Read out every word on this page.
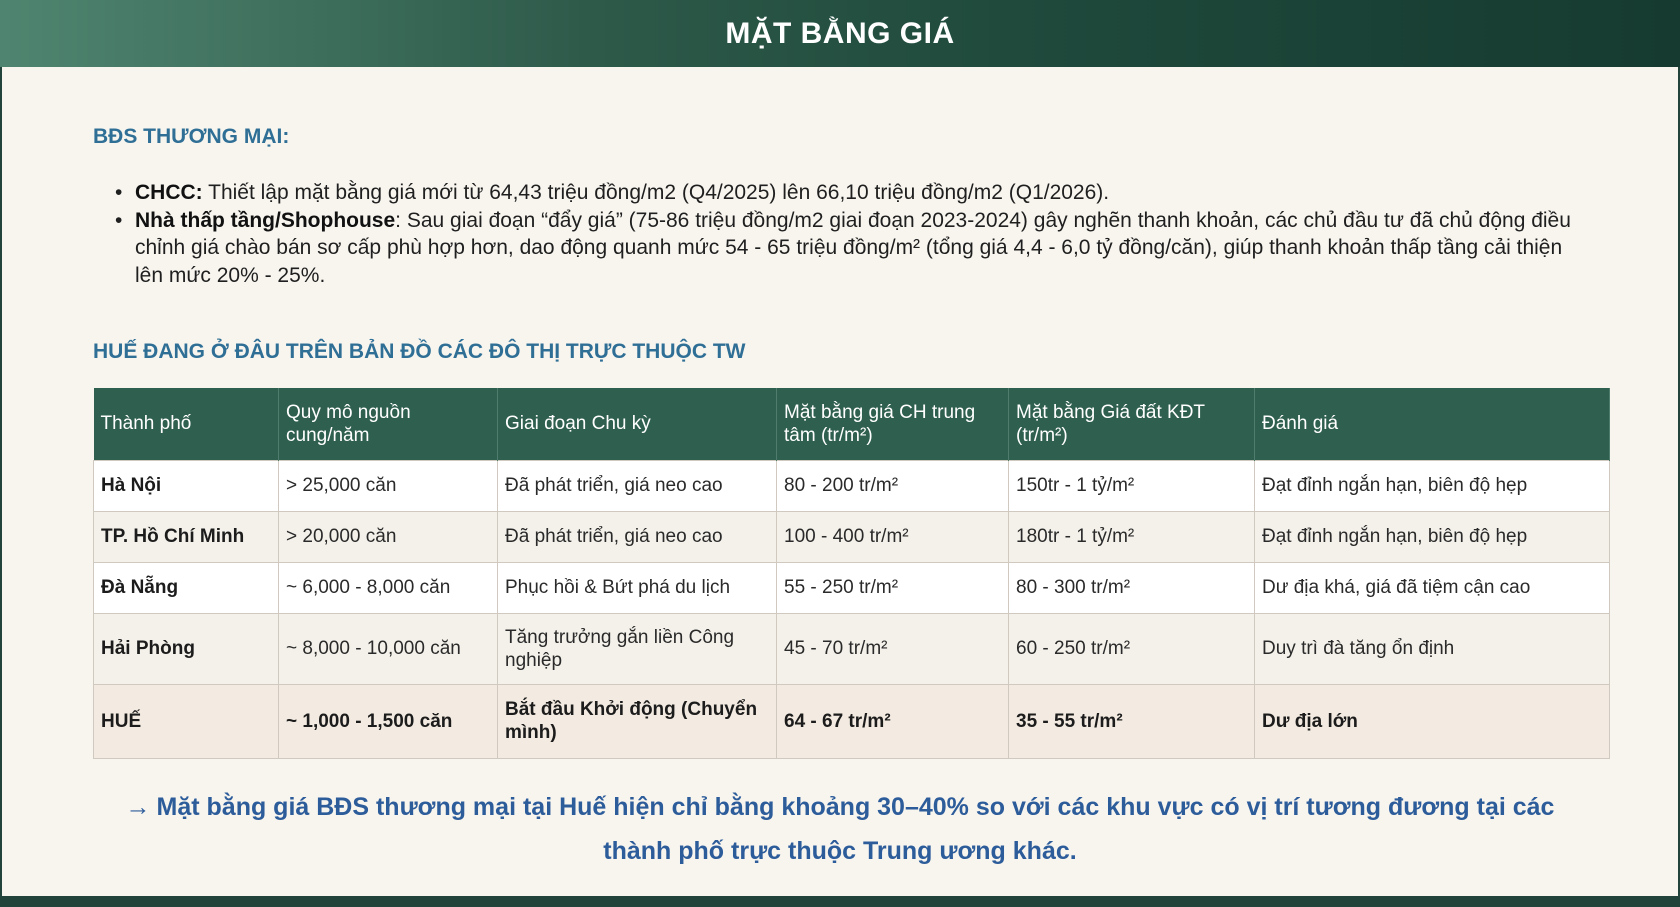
MẶT BẰNG GIÁ
BĐS THƯƠNG MẠI:
• CHCC: Thiết lập mặt bằng giá mới từ 64,43 triệu đồng/m2 (Q4/2025) lên 66,10 triệu đồng/m2 (Q1/2026).
• Nhà thấp tầng/Shophouse: Sau giai đoạn “đẩy giá” (75-86 triệu đồng/m2 giai đoạn 2023-2024) gây nghẽn thanh khoản, các chủ đầu tư đã chủ động điều chỉnh giá chào bán sơ cấp phù hợp hơn, dao động quanh mức 54 - 65 triệu đồng/m² (tổng giá 4,4 - 6,0 tỷ đồng/căn), giúp thanh khoản thấp tầng cải thiện lên mức 20% - 25%.
HUẾ ĐANG Ở ĐÂU TRÊN BẢN ĐỒ CÁC ĐÔ THỊ TRỰC THUỘC TW
Thành phố	Quy mô nguồn cung/năm	Giai đoạn Chu kỳ	Mặt bằng giá CH trung tâm (tr/m²)	Mặt bằng Giá đất KĐT (tr/m²)	Đánh giá
Hà Nội	> 25,000 căn	Đã phát triển, giá neo cao	80 - 200 tr/m²	150tr - 1 tỷ/m²	Đạt đỉnh ngắn hạn, biên độ hẹp
TP. Hồ Chí Minh	> 20,000 căn	Đã phát triển, giá neo cao	100 - 400 tr/m²	180tr - 1 tỷ/m²	Đạt đỉnh ngắn hạn, biên độ hẹp
Đà Nẵng	~ 6,000 - 8,000 căn	Phục hồi & Bứt phá du lịch	55 - 250 tr/m²	80 - 300 tr/m²	Dư địa khá, giá đã tiệm cận cao
Hải Phòng	~ 8,000 - 10,000 căn	Tăng trưởng gắn liền Công nghiệp	45 - 70 tr/m²	60 - 250 tr/m²	Duy trì đà tăng ổn định
HUẾ	~ 1,000 - 1,500 căn	Bắt đầu Khởi động (Chuyển mình)	64 - 67 tr/m²	35 - 55 tr/m²	Dư địa lớn
→ Mặt bằng giá BĐS thương mại tại Huế hiện chỉ bằng khoảng 30–40% so với các khu vực có vị trí tương đương tại các thành phố trực thuộc Trung ương khác.
